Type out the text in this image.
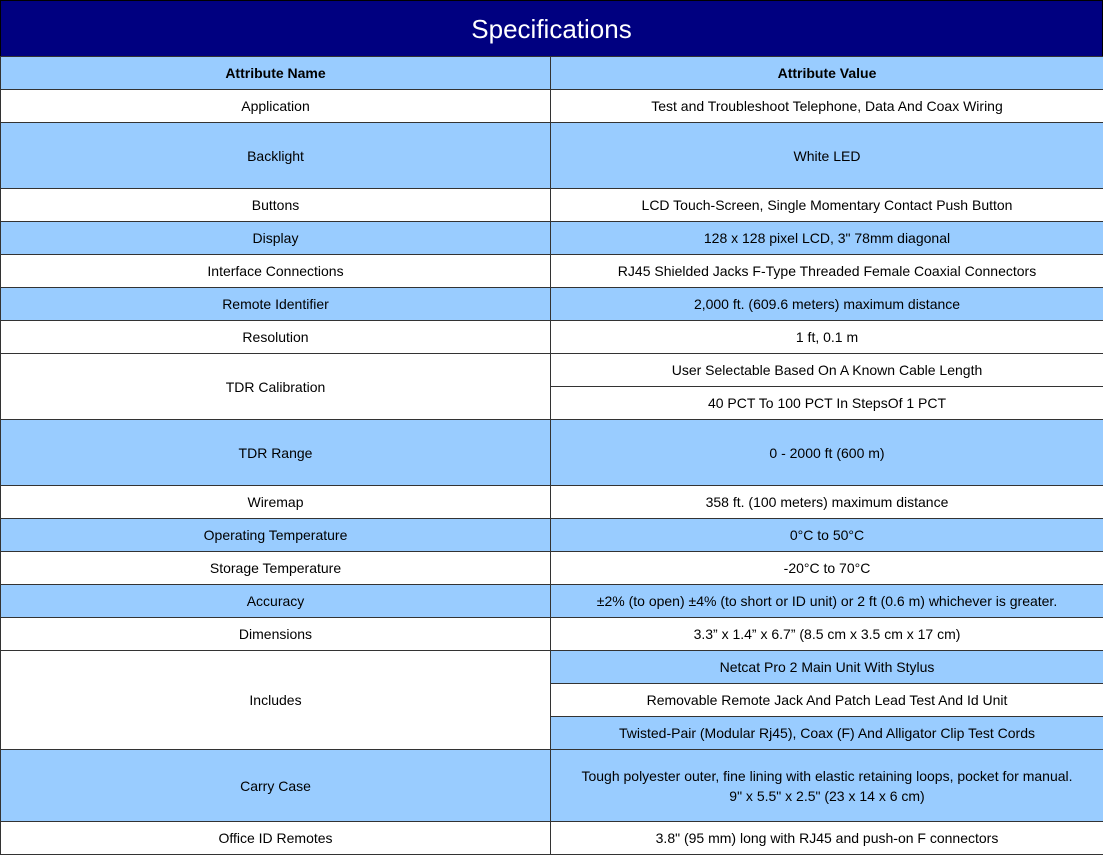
Specifications
Attribute Name	Attribute Value
Application	Test and Troubleshoot Telephone, Data And Coax Wiring
Backlight	White LED
Buttons	LCD Touch-Screen, Single Momentary Contact Push Button
Display	128 x 128 pixel LCD, 3" 78mm diagonal
Interface Connections	RJ45 Shielded Jacks F-Type Threaded Female Coaxial Connectors
Remote Identifier	2,000 ft. (609.6 meters) maximum distance
Resolution	1 ft, 0.1 m
TDR Calibration	User Selectable Based On A Known Cable Length
	40 PCT To 100 PCT In StepsOf 1 PCT
TDR Range	0 - 2000 ft (600 m)
Wiremap	358 ft. (100 meters) maximum distance
Operating Temperature	0°C to 50°C
Storage Temperature	-20°C to 70°C
Accuracy	±2% (to open) ±4% (to short or ID unit) or 2 ft (0.6 m) whichever is greater.
Dimensions	3.3” x 1.4” x 6.7” (8.5 cm x 3.5 cm x 17 cm)
Includes	Netcat Pro 2 Main Unit With Stylus
	Removable Remote Jack And Patch Lead Test And Id Unit
	Twisted-Pair (Modular Rj45), Coax (F) And Alligator Clip Test Cords
Carry Case	Tough polyester outer, fine lining with elastic retaining loops, pocket for manual.
9" x 5.5" x 2.5" (23 x 14 x 6 cm)

Office ID Remotes	3.8" (95 mm) long with RJ45 and push-on F connectors
